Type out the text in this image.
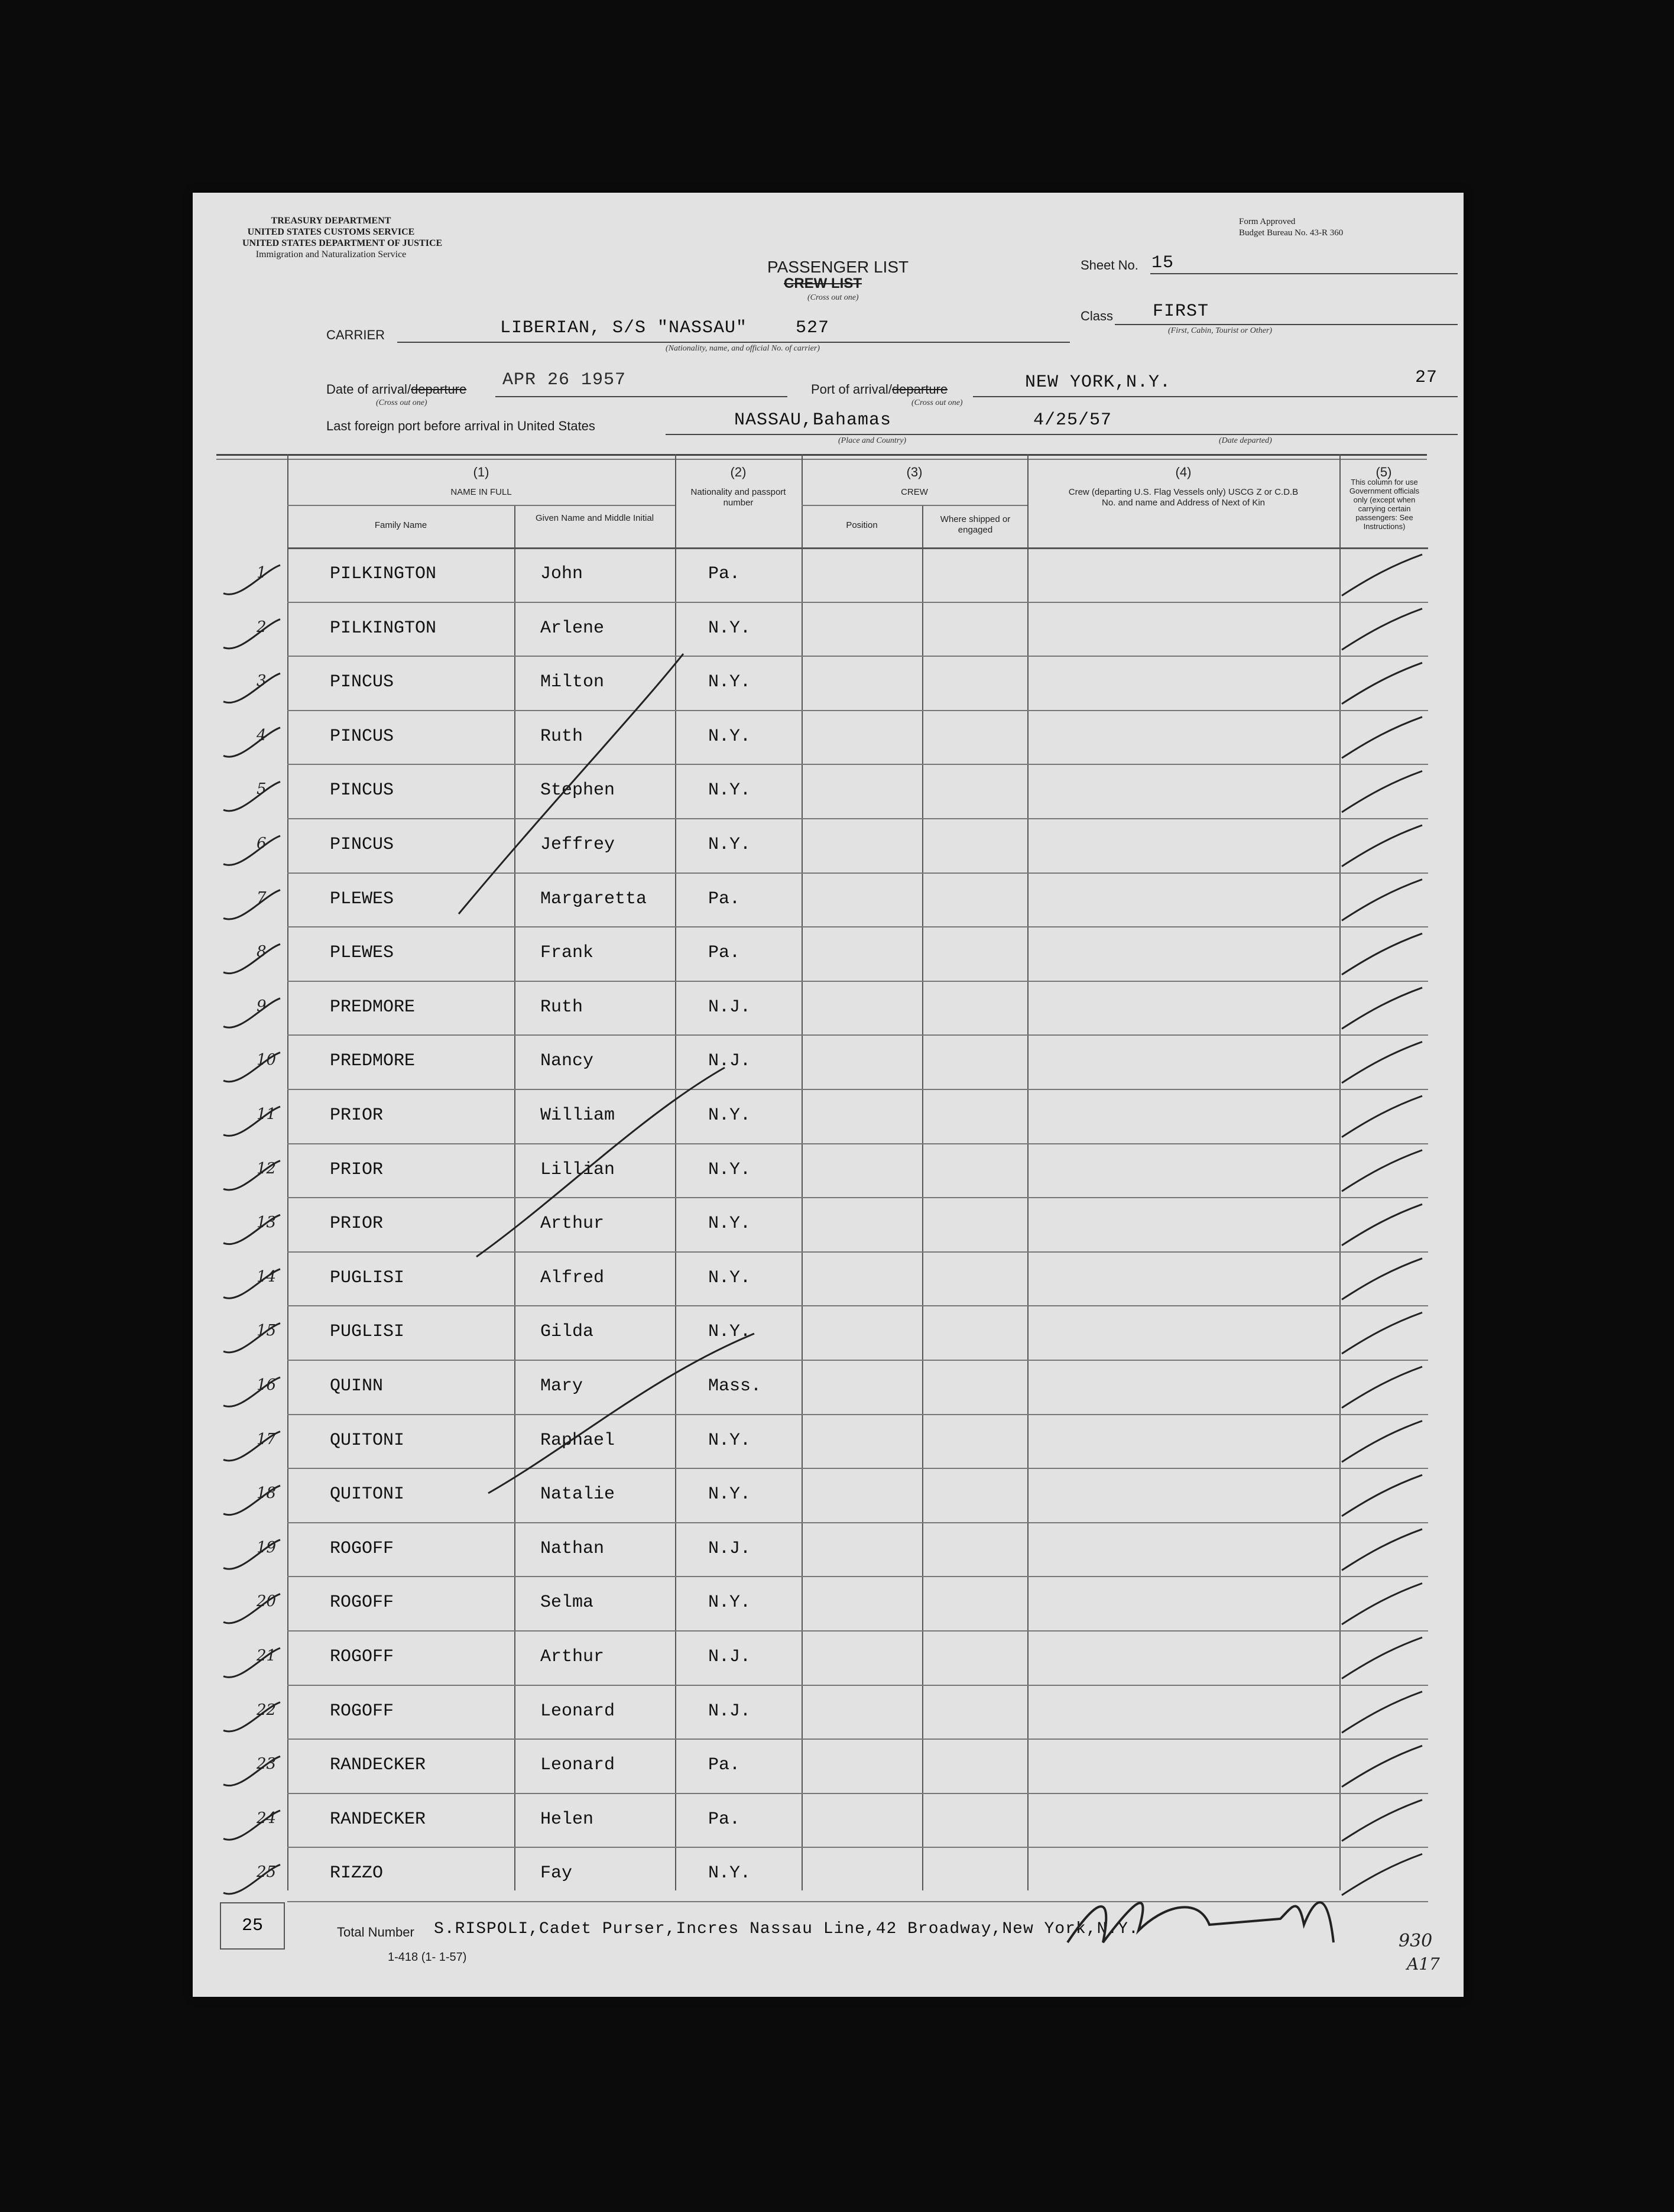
TREASURY DEPARTMENT
UNITED STATES CUSTOMS SERVICE
UNITED STATES DEPARTMENT OF JUSTICE
Immigration and Naturalization Service
Form Approved
Budget Bureau No. 43-R 360
PASSENGER LIST
CREW LIST
(Cross out one)
Sheet No. 15
Class FIRST
(First, Cabin, Tourist or Other)
CARRIER	LIBERIAN, S/S "NASSAU"	527
(Nationality, name, and official No. of carrier)
Date of arrival/departure APR 26 1957
(Cross out one)
Port of arrival/departure	NEW YORK,N.Y.	27
(Cross out one)
Last foreign port before arrival in United States	NASSAU,Bahamas	4/25/57
(Place and Country)	(Date departed)
(1)
NAME IN FULL
Family Name
Given Name and Middle Initial
(2)
Nationality and passport number
(3)
CREW
Position
Where shipped or engaged
(4)
Crew (departing U.S. Flag Vessels only) USCG Z or C.D.B No. and name and Address of Next of Kin
(5)
This column for use Government officials only (except when carrying certain passengers: See Instructions)
1	PILKINGTON	John	Pa.
2	PILKINGTON	Arlene	N.Y.
3	PINCUS	Milton	N.Y.
4	PINCUS	Ruth	N.Y.
5	PINCUS	Stephen	N.Y.
6	PINCUS	Jeffrey	N.Y.
7	PLEWES	Margaretta	Pa.
8	PLEWES	Frank	Pa.
9	PREDMORE	Ruth	N.J.
10	PREDMORE	Nancy	N.J.
11	PRIOR	William	N.Y.
12	PRIOR	Lillian	N.Y.
13	PRIOR	Arthur	N.Y.
14	PUGLISI	Alfred	N.Y.
15	PUGLISI	Gilda	N.Y.
16	QUINN	Mary	Mass.
17	QUITONI	Raphael	N.Y.
18	QUITONI	Natalie	N.Y.
19	ROGOFF	Nathan	N.J.
20	ROGOFF	Selma	N.Y.
21	ROGOFF	Arthur	N.J.
22	ROGOFF	Leonard	N.J.
23	RANDECKER	Leonard	Pa.
24	RANDECKER	Helen	Pa.
25	RIZZO	Fay	N.Y.
25	Total Number S.RISPOLI,Cadet Purser,Incres Nassau Line,42 Broadway,New York,N.Y.
1-418 (1- 1-57)
930
A17
